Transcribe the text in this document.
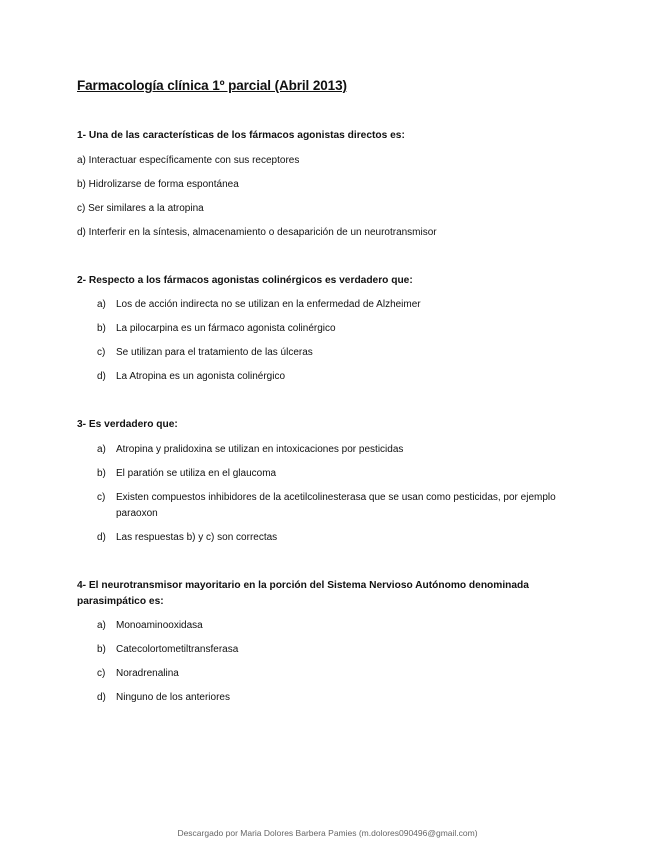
Farmacología clínica 1º parcial (Abril 2013)
1- Una de las características de los fármacos agonistas directos es:
a) Interactuar específicamente con sus receptores
b) Hidrolizarse de forma espontánea
c) Ser similares a la atropina
d) Interferir en la síntesis, almacenamiento o desaparición de un neurotransmisor
2- Respecto a los fármacos agonistas colinérgicos es verdadero que:
a) Los de acción indirecta no se utilizan en la enfermedad de Alzheimer
b) La pilocarpina es un fármaco agonista colinérgico
c) Se utilizan para el tratamiento de las úlceras
d) La Atropina es un agonista colinérgico
3- Es verdadero que:
a) Atropina y pralidoxina se utilizan en intoxicaciones por pesticidas
b) El paratión se utiliza en el glaucoma
c) Existen compuestos inhibidores de la acetilcolinesterasa que se usan como pesticidas, por ejemplo paraoxon
d) Las respuestas b) y c) son correctas
4- El neurotransmisor mayoritario en la porción del Sistema Nervioso Autónomo denominada parasimpático es:
a) Monoaminooxidasa
b) Catecolortometiltransferasa
c) Noradrenalina
d) Ninguno de los anteriores
Descargado por Maria Dolores Barbera Pamies (m.dolores090496@gmail.com)
